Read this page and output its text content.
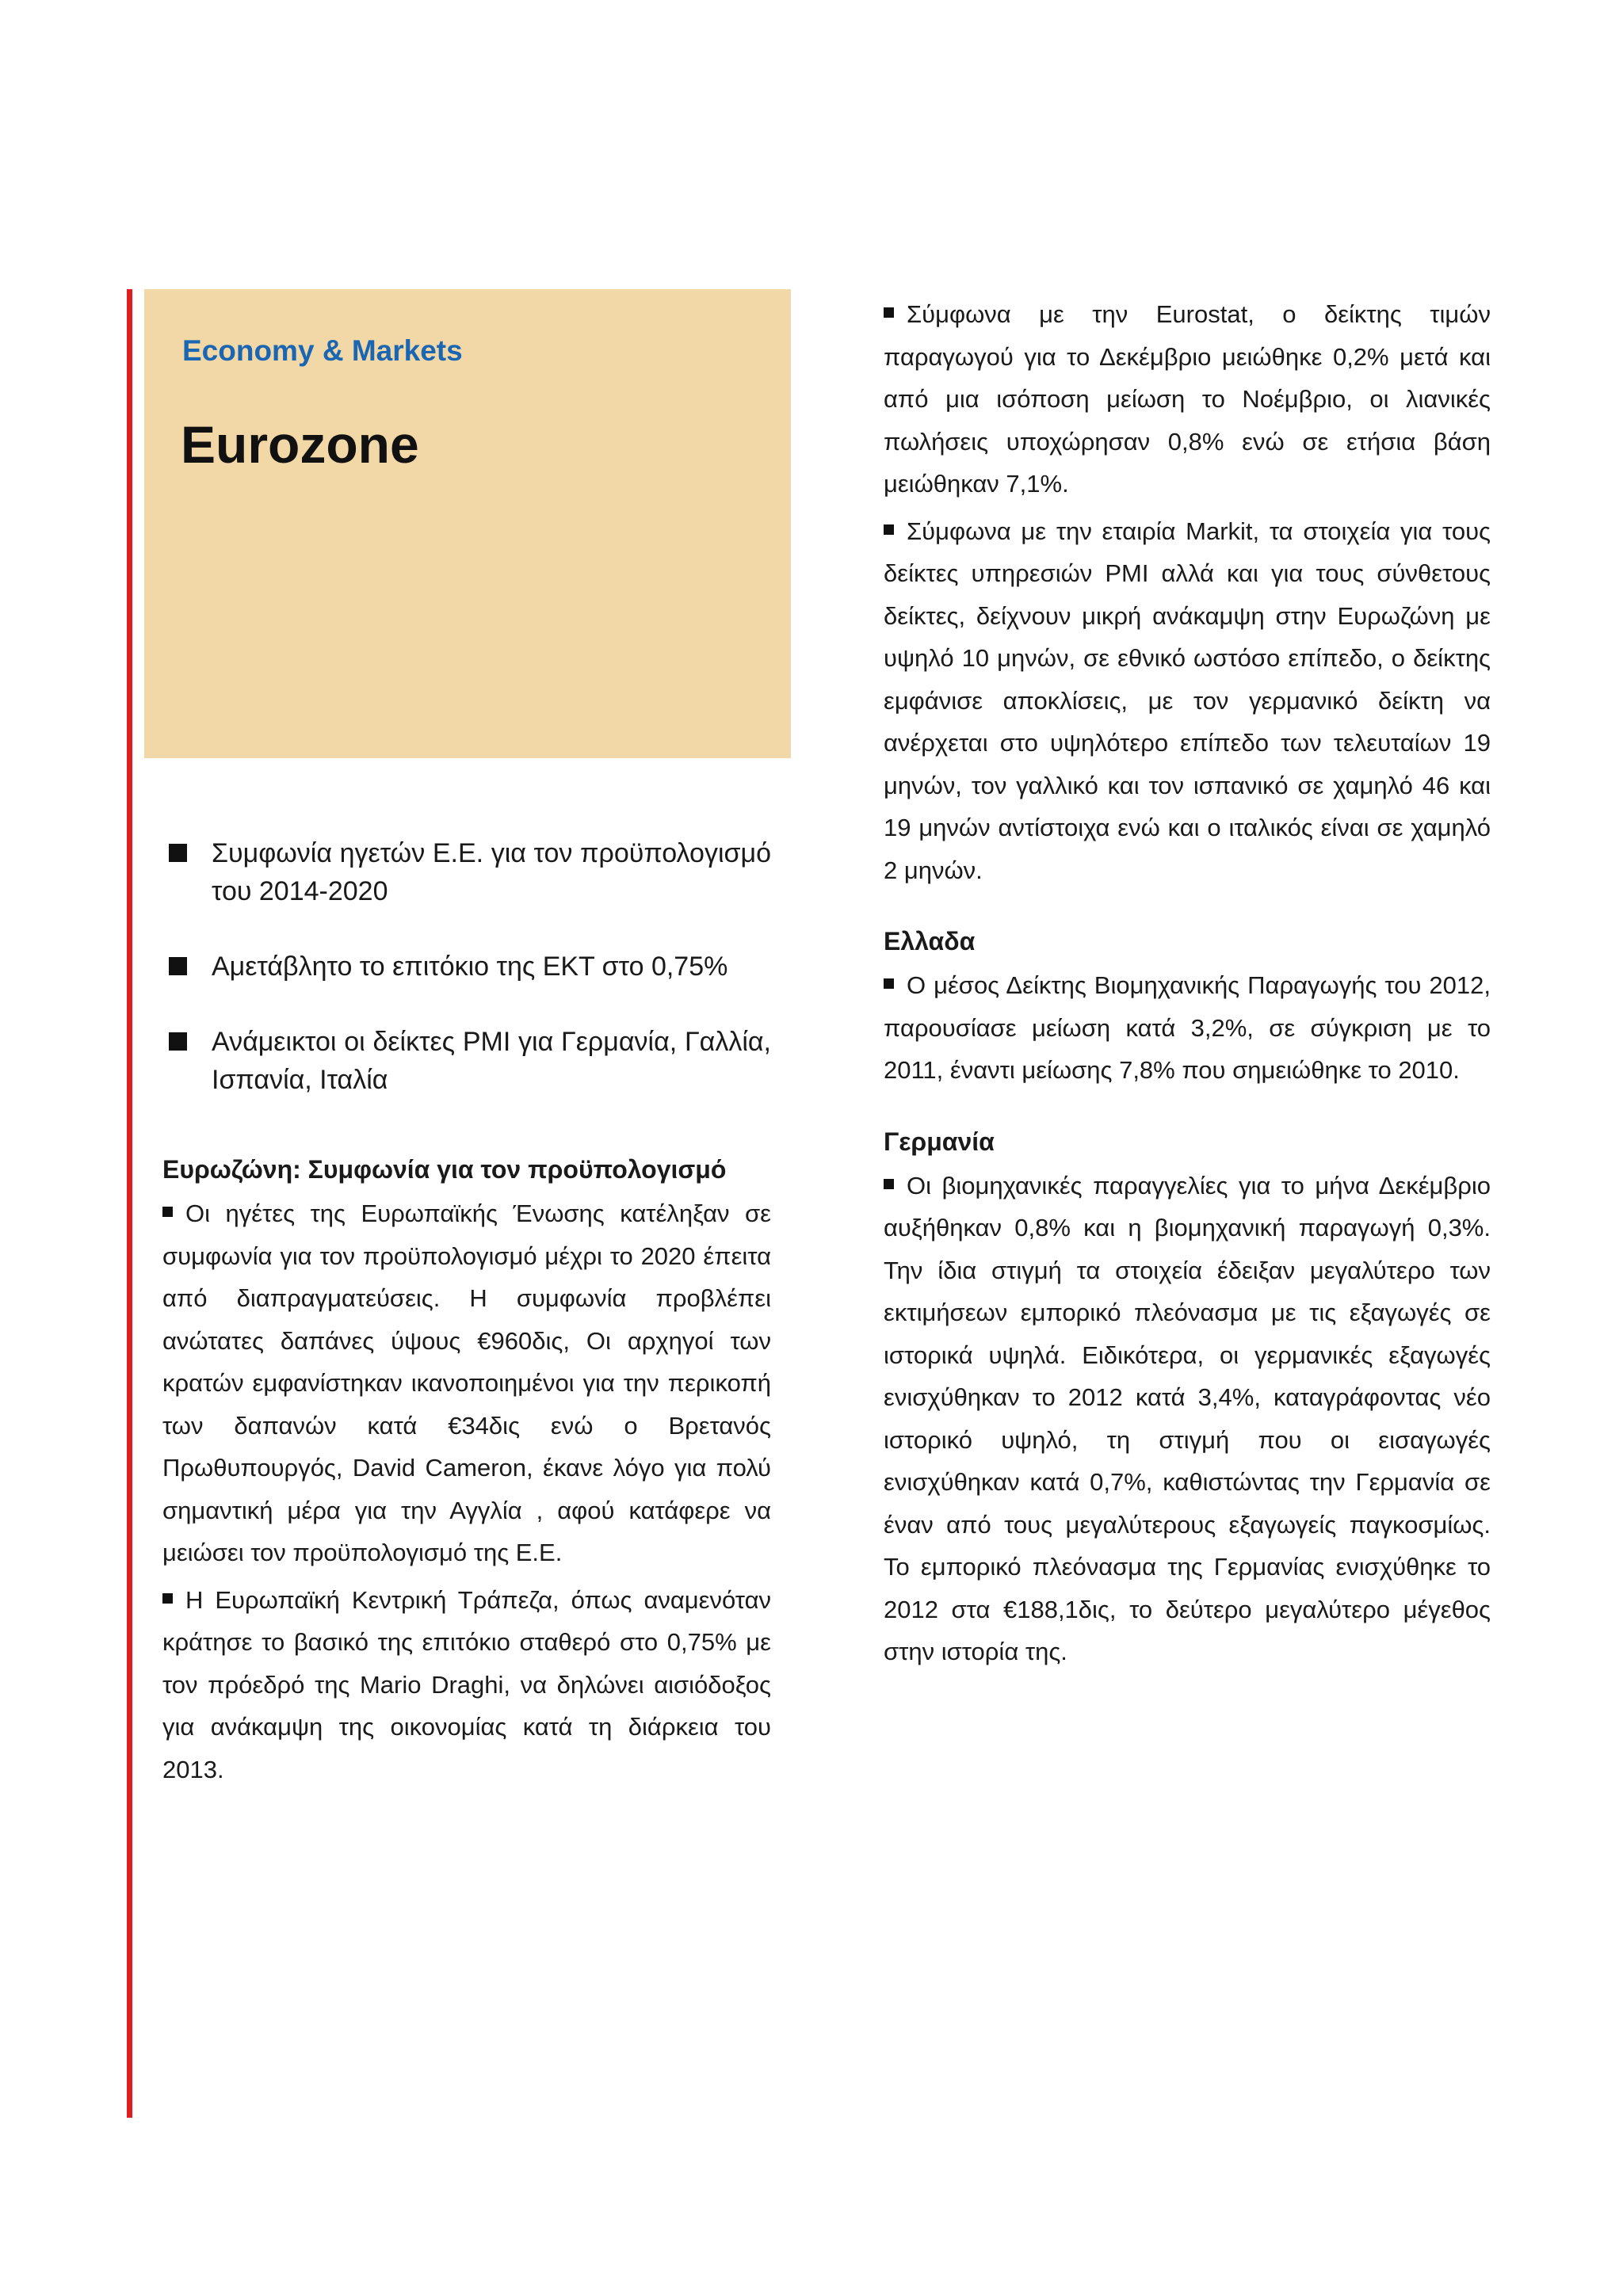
Economy & Markets
Eurozone
Συμφωνία ηγετών Ε.Ε. για τον προϋπολογισμό του 2014-2020
Αμετάβλητο το επιτόκιο της ΕΚΤ στο 0,75%
Ανάμεικτοι οι δείκτες PMI για Γερμανία, Γαλλία, Ισπανία, Ιταλία
Ευρωζώνη: Συμφωνία για τον προϋπολογισμό

Οι ηγέτες της Ευρωπαϊκής Ένωσης κατέληξαν σε συμφωνία για τον προϋπολογισμό μέχρι το 2020 έπειτα από διαπραγματεύσεις. Η συμφωνία προβλέπει ανώτατες δαπάνες ύψους €960δις, Οι αρχηγοί των κρατών εμφανίστηκαν ικανοποιημένοι για την περικοπή των δαπανών κατά €34δις ενώ ο Βρετανός Πρωθυπουργός, David Cameron, έκανε λόγο για πολύ σημαντική μέρα για την Αγγλία , αφού κατάφερε να μειώσει τον προϋπολογισμό της Ε.Ε.

Η Ευρωπαϊκή Κεντρική Τράπεζα, όπως αναμενόταν κράτησε το βασικό της επιτόκιο σταθερό στο 0,75% με τον πρόεδρό της Mario Draghi, να δηλώνει αισιόδοξος για ανάκαμψη της οικονομίας κατά τη διάρκεια του 2013.

Σύμφωνα με την Eurostat, ο δείκτης τιμών παραγωγού για το Δεκέμβριο μειώθηκε 0,2% μετά και από μια ισόποση μείωση το Νοέμβριο, οι λιανικές πωλήσεις υποχώρησαν 0,8% ενώ σε ετήσια βάση μειώθηκαν 7,1%.

Σύμφωνα με την εταιρία Markit, τα στοιχεία για τους δείκτες υπηρεσιών PMI αλλά και για τους σύνθετους δείκτες, δείχνουν μικρή ανάκαμψη στην Ευρωζώνη με υψηλό 10 μηνών, σε εθνικό ωστόσο επίπεδο, ο δείκτης εμφάνισε αποκλίσεις, με τον γερμανικό δείκτη να ανέρχεται στο υψηλότερο επίπεδο των τελευταίων 19 μηνών, τον γαλλικό και τον ισπανικό σε χαμηλό 46 και 19 μηνών αντίστοιχα ενώ και ο ιταλικός είναι σε χαμηλό 2 μηνών.

Ελλαδα

Ο μέσος Δείκτης Βιομηχανικής Παραγωγής του 2012, παρουσίασε μείωση κατά 3,2%, σε σύγκριση με το 2011, έναντι μείωσης 7,8% που σημειώθηκε το 2010.

Γερμανία

Οι βιομηχανικές παραγγελίες για το μήνα Δεκέμβριο αυξήθηκαν 0,8% και η βιομηχανική παραγωγή 0,3%. Την ίδια στιγμή τα στοιχεία έδειξαν μεγαλύτερο των εκτιμήσεων εμπορικό πλεόνασμα με τις εξαγωγές σε ιστορικά υψηλά. Ειδικότερα, οι γερμανικές εξαγωγές ενισχύθηκαν το 2012 κατά 3,4%, καταγράφοντας νέο ιστορικό υψηλό, τη στιγμή που οι εισαγωγές ενισχύθηκαν κατά 0,7%, καθιστώντας την Γερμανία σε έναν από τους μεγαλύτερους εξαγωγείς παγκοσμίως. Το εμπορικό πλεόνασμα της Γερμανίας ενισχύθηκε το 2012 στα €188,1δις, το δεύτερο μεγαλύτερο μέγεθος στην ιστορία της.
